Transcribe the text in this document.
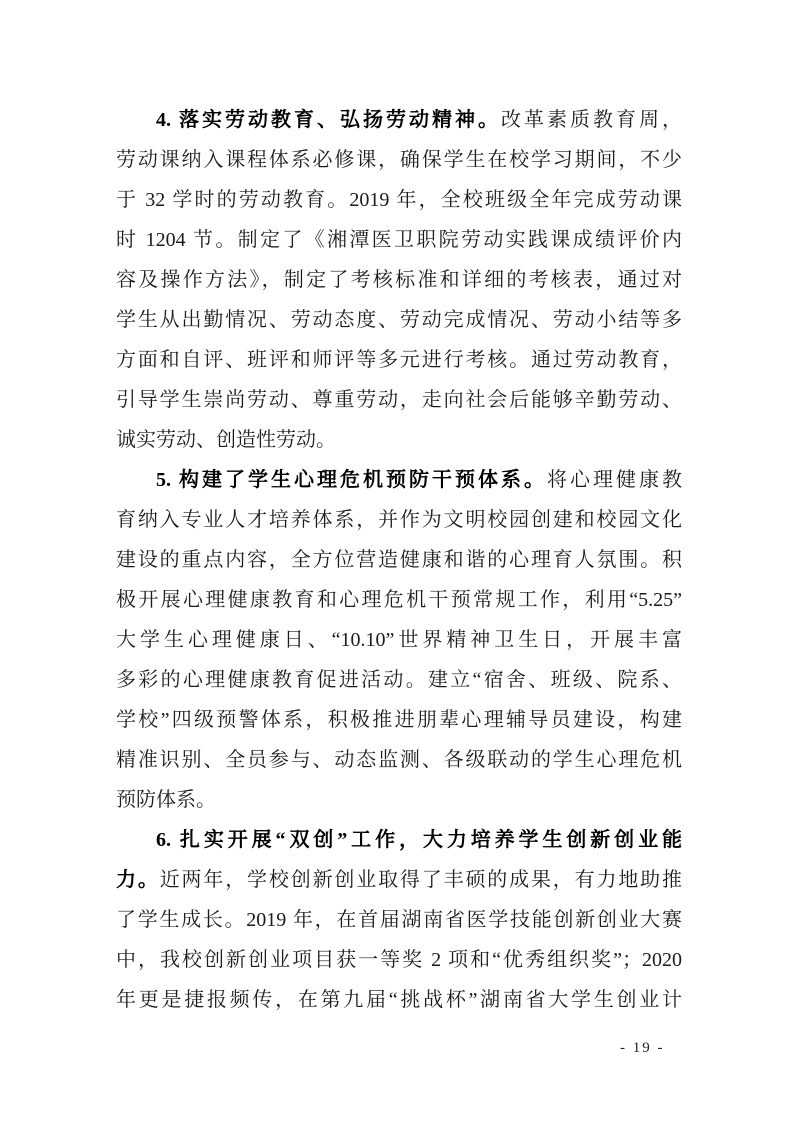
4. 落实劳动教育、弘扬劳动精神。改革素质教育周，
劳动课纳入课程体系必修课，确保学生在校学习期间，不少
于 32 学时的劳动教育。2019 年，全校班级全年完成劳动课
时 1204 节。制定了《湘潭医卫职院劳动实践课成绩评价内
容及操作方法》，制定了考核标准和详细的考核表，通过对
学生从出勤情况、劳动态度、劳动完成情况、劳动小结等多
方面和自评、班评和师评等多元进行考核。通过劳动教育，
引导学生崇尚劳动、尊重劳动，走向社会后能够辛勤劳动、
诚实劳动、创造性劳动。
5. 构建了学生心理危机预防干预体系。将心理健康教
育纳入专业人才培养体系，并作为文明校园创建和校园文化
建设的重点内容，全方位营造健康和谐的心理育人氛围。积
极开展心理健康教育和心理危机干预常规工作，利用“5.25”
大学生心理健康日、“10.10”世界精神卫生日，开展丰富
多彩的心理健康教育促进活动。建立“宿舍、班级、院系、
学校”四级预警体系，积极推进朋辈心理辅导员建设，构建
精准识别、全员参与、动态监测、各级联动的学生心理危机
预防体系。
6. 扎实开展“双创”工作，大力培养学生创新创业能
力。近两年，学校创新创业取得了丰硕的成果，有力地助推
了学生成长。2019 年，在首届湖南省医学技能创新创业大赛
中，我校创新创业项目获一等奖 2 项和“优秀组织奖”；2020
年更是捷报频传，在第九届“挑战杯”湖南省大学生创业计
- 19 -
